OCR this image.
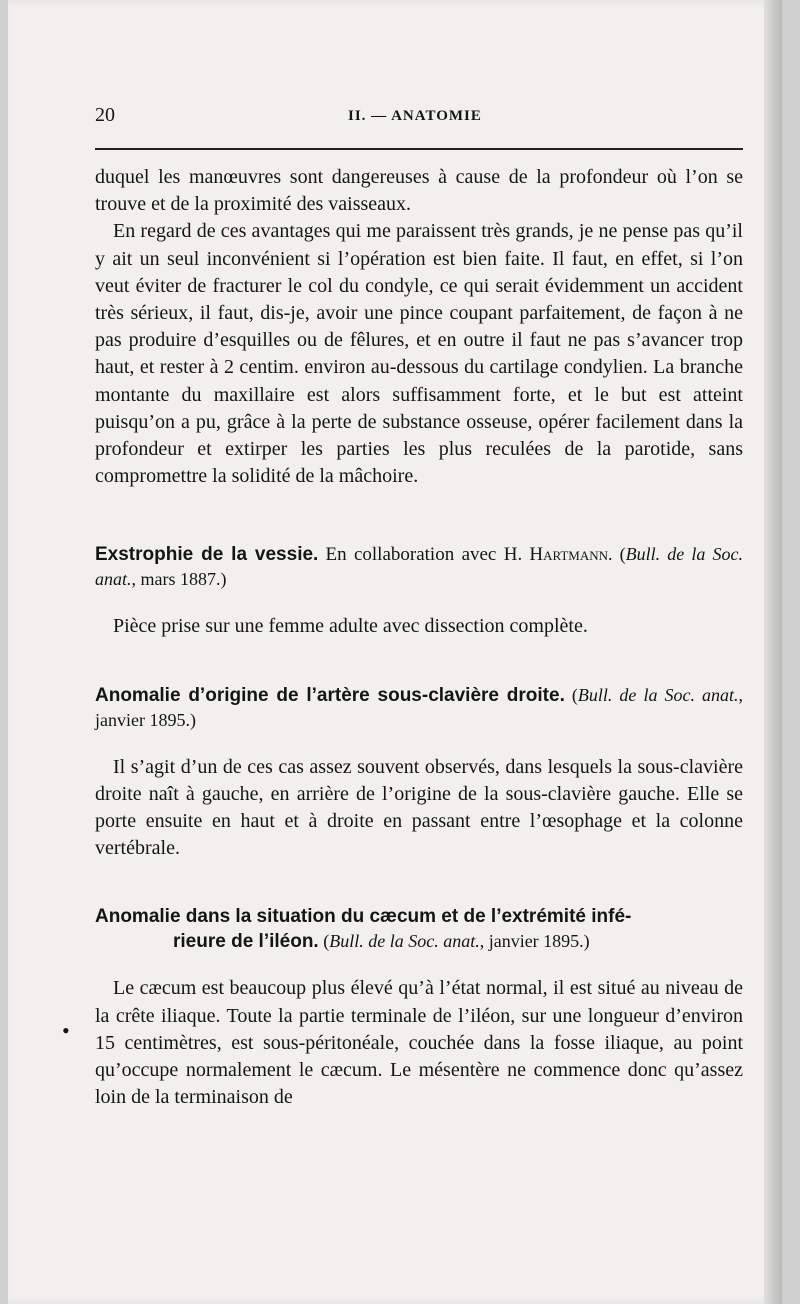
20	II. — ANATOMIE
•

duquel les manœuvres sont dangereuses à cause de la profondeur où l’on se trouve et de la proximité des vaisseaux.

En regard de ces avantages qui me paraissent très grands, je ne pense pas qu’il y ait un seul inconvénient si l’opération est bien faite. Il faut, en effet, si l’on veut éviter de fracturer le col du condyle, ce qui serait évidemment un accident très sérieux, il faut, dis-je, avoir une pince coupant parfaitement, de façon à ne pas produire d’esquilles ou de fêlures, et en outre il faut ne pas s’avancer trop haut, et rester à 2 centim. environ au-dessous du cartilage condylien. La branche montante du maxillaire est alors suffisamment forte, et le but est atteint puisqu’on a pu, grâce à la perte de substance osseuse, opérer facilement dans la profondeur et extirper les parties les plus reculées de la parotide, sans compromettre la solidité de la mâchoire.

Exstrophie de la vessie. En collaboration avec H. Hartmann. (Bull. de la Soc. anat., mars 1887.)

Pièce prise sur une femme adulte avec dissection complète.

Anomalie d’origine de l’artère sous-clavière droite. (Bull. de la Soc. anat., janvier 1895.)

Il s’agit d’un de ces cas assez souvent observés, dans lesquels la sous-clavière droite naît à gauche, en arrière de l’origine de la sous-clavière gauche. Elle se porte ensuite en haut et à droite en passant entre l’œsophage et la colonne vertébrale.

Anomalie dans la situation du cæcum et de l’extrémité infé-
rieure de l’iléon. (Bull. de la Soc. anat., janvier 1895.)

Le cæcum est beaucoup plus élevé qu’à l’état normal, il est situé au niveau de la crête iliaque. Toute la partie terminale de l’iléon, sur une longueur d’environ 15 centimètres, est sous-péritonéale, couchée dans la fosse iliaque, au point qu’occupe normalement le cæcum. Le mésentère ne commence donc qu’assez loin de la terminaison de
